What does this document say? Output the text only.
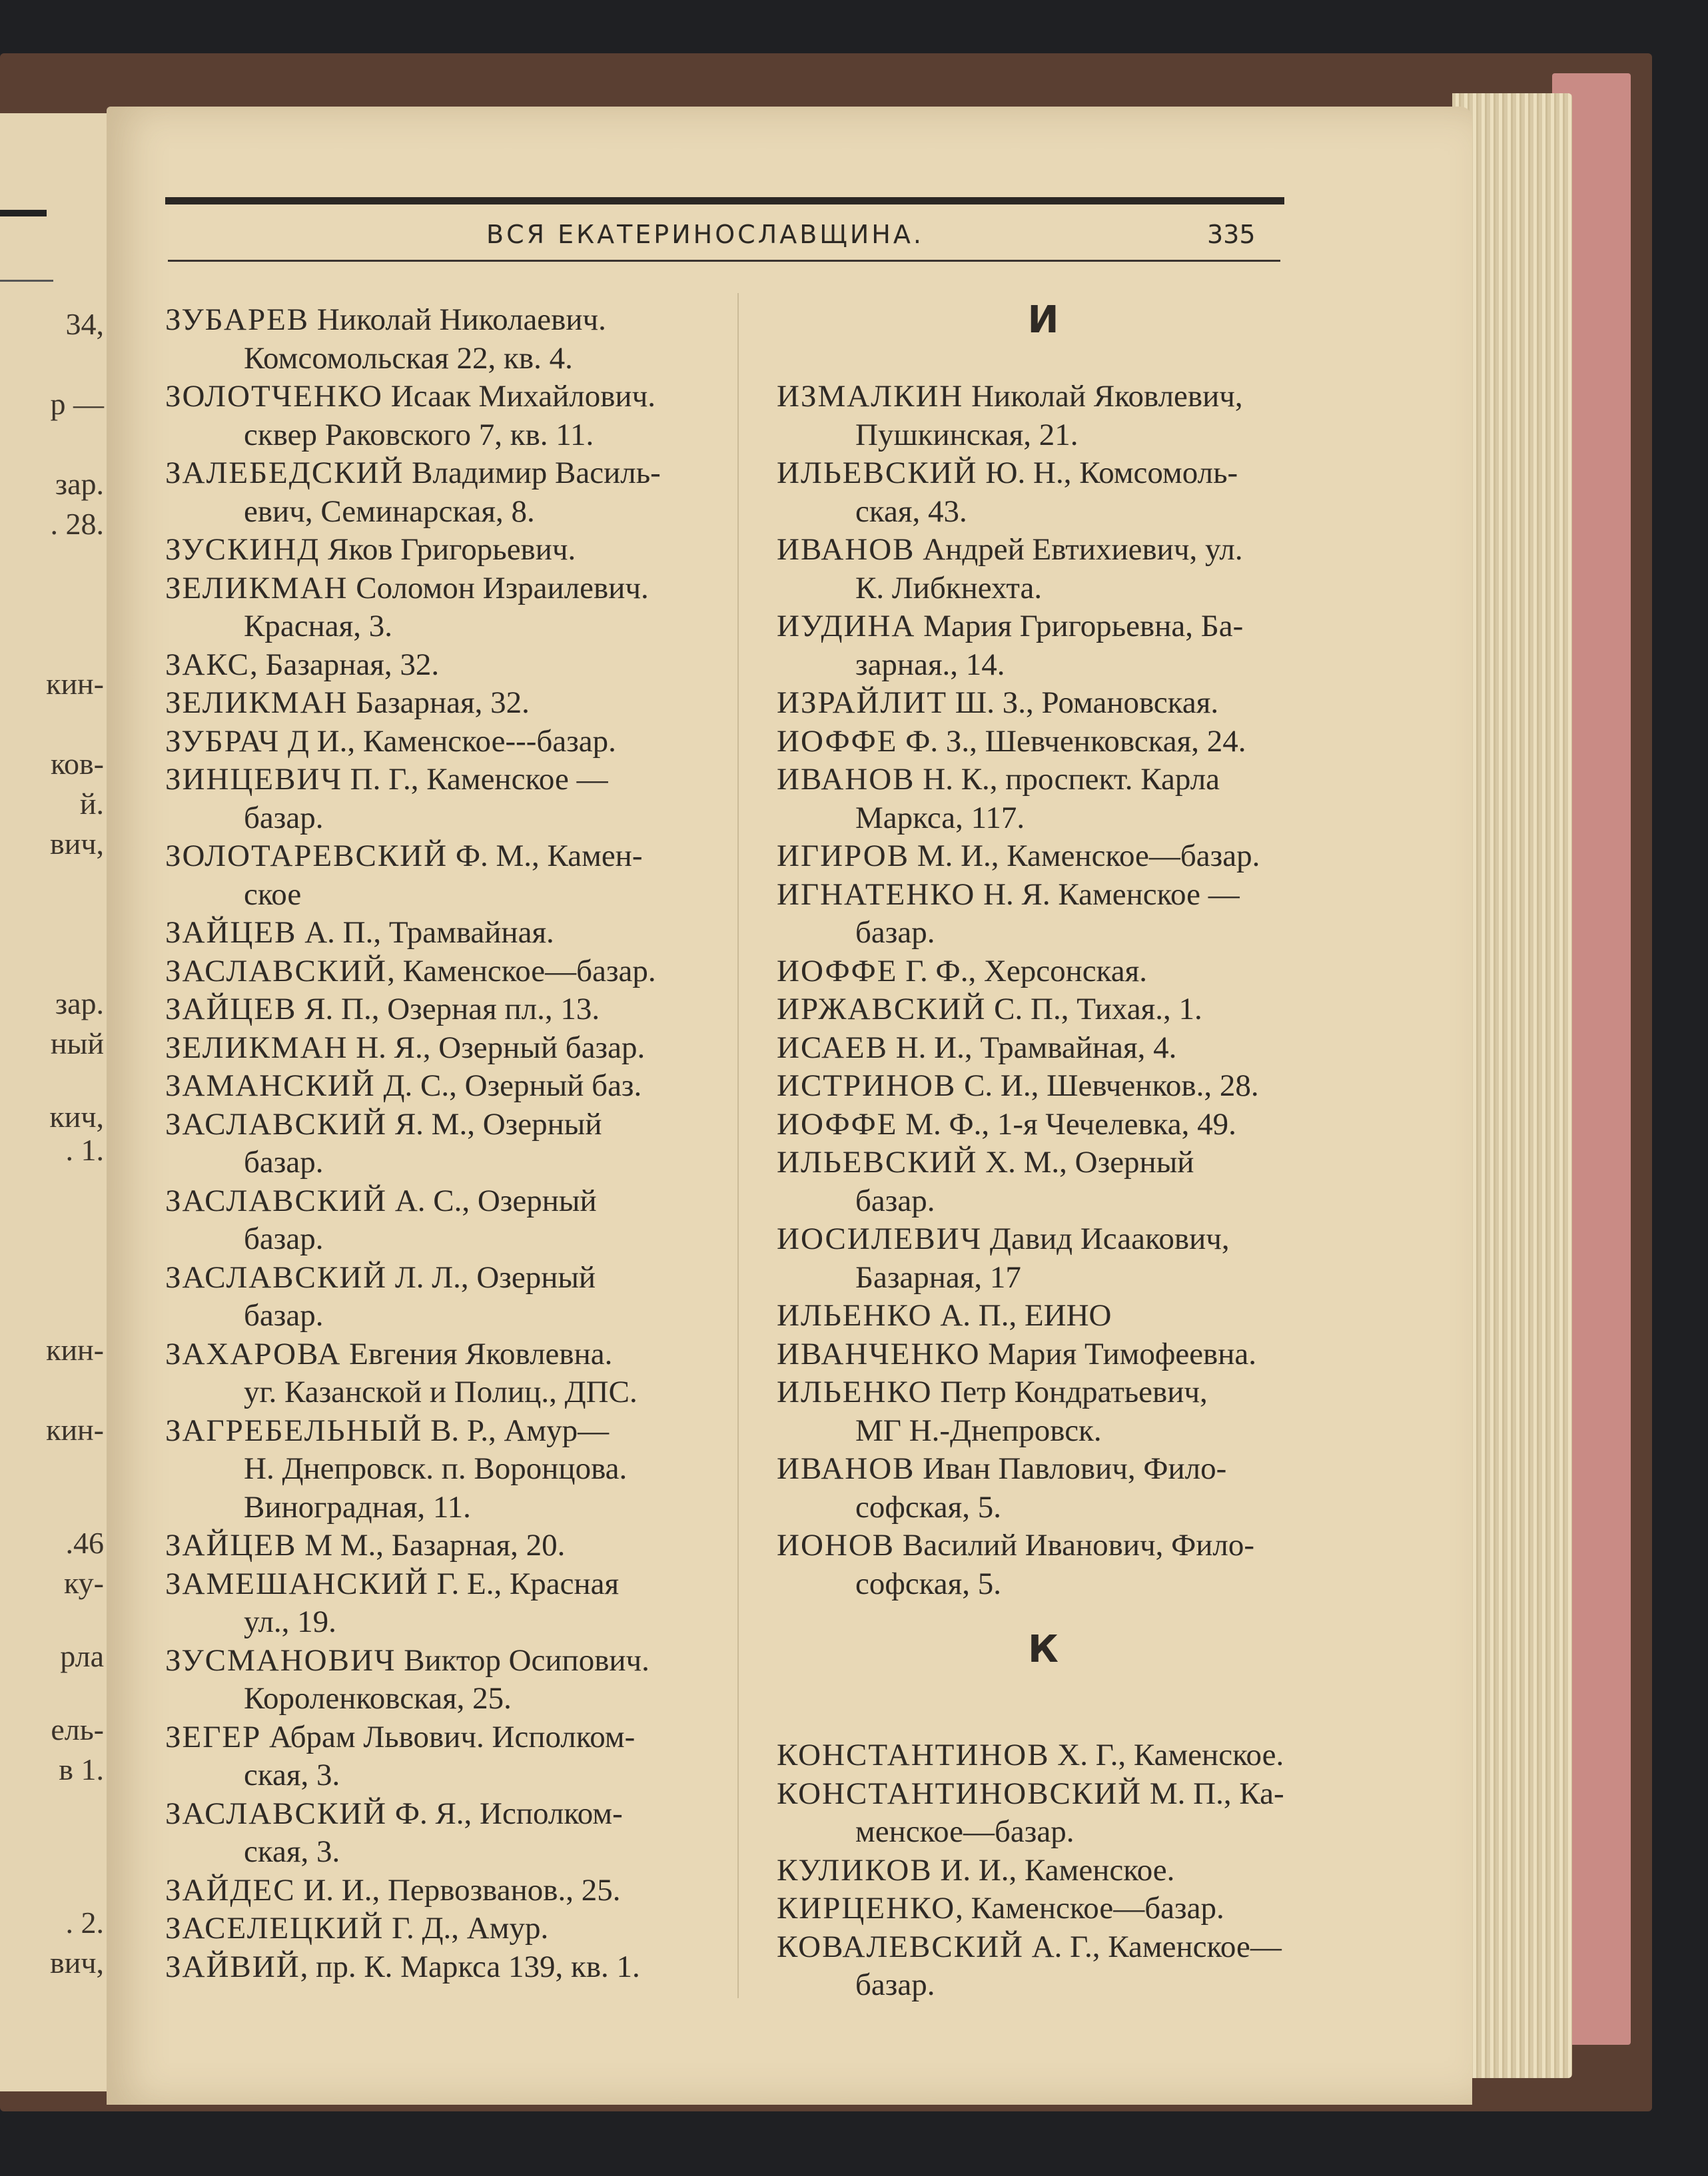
34,
р —
зар.
. 28.
кин-
ков-
й.
вич,
зар.
ный
кич,
. 1.
кин-
кин-
.46
ку-
рла
ель-
в 1.
. 2.
вич,
ВСЯ ЕКАТЕРИНОСЛАВЩИНА.	335
ЗУБАРЕВ Николай Николаевич.
Комсомольская 22, кв. 4.
ЗОЛОТЧЕНКО Исаак Михайлович.
сквер Раковского 7, кв. 11.
ЗАЛЕБЕДСКИЙ Владимир Василь-
евич, Семинарская, 8.
ЗУСКИНД Яков Григорьевич.
ЗЕЛИКМАН Соломон Израилевич.
Красная, 3.
ЗАКС, Базарная, 32.
ЗЕЛИКМАН Базарная, 32.
ЗУБРАЧ Д И., Каменское---базар.
ЗИНЦЕВИЧ П. Г., Каменское —
базар.
ЗОЛОТАРЕВСКИЙ Ф. М., Камен-
ское
ЗАЙЦЕВ А. П., Трамвайная.
ЗАСЛАВСКИЙ, Каменское—базар.
ЗАЙЦЕВ Я. П., Озерная пл., 13.
ЗЕЛИКМАН Н. Я., Озерный базар.
ЗАМАНСКИЙ Д. С., Озерный баз.
ЗАСЛАВСКИЙ Я. М., Озерный
базар.
ЗАСЛАВСКИЙ А. С., Озерный
базар.
ЗАСЛАВСКИЙ Л. Л., Озерный
базар.
ЗАХАРОВА Евгения Яковлевна.
уг. Казанской и Полиц., ДПС.
ЗАГРЕБЕЛЬНЫЙ В. Р., Амур—
Н. Днепровск. п. Воронцова.
Виноградная, 11.
ЗАЙЦЕВ М М., Базарная, 20.
ЗАМЕШАНСКИЙ Г. Е., Красная
ул., 19.
ЗУСМАНОВИЧ Виктор Осипович.
Короленковская, 25.
ЗЕГЕР Абрам Львович. Исполком-
ская, 3.
ЗАСЛАВСКИЙ Ф. Я., Исполком-
ская, 3.
ЗАЙДЕС И. И., Первозванов., 25.
ЗАСЕЛЕЦКИЙ Г. Д., Амур.
ЗАЙВИЙ, пр. К. Маркса 139, кв. 1.
И
ИЗМАЛКИН Николай Яковлевич,
Пушкинская, 21.
ИЛЬЕВСКИЙ Ю. Н., Комсомоль-
ская, 43.
ИВАНОВ Андрей Евтихиевич, ул.
К. Либкнехта.
ИУДИНА Мария Григорьевна, Ба-
зарная., 14.
ИЗРАЙЛИТ Ш. З., Романовская.
ИОФФЕ Ф. З., Шевченковская, 24.
ИВАНОВ Н. К., проспект. Карла
Маркса, 117.
ИГИРОВ М. И., Каменское—базар.
ИГНАТЕНКО Н. Я. Каменское —
базар.
ИОФФЕ Г. Ф., Херсонская.
ИРЖАВСКИЙ С. П., Тихая., 1.
ИСАЕВ Н. И., Трамвайная, 4.
ИСТРИНОВ С. И., Шевченков., 28.
ИОФФЕ М. Ф., 1-я Чечелевка, 49.
ИЛЬЕВСКИЙ Х. М., Озерный
базар.
ИОСИЛЕВИЧ Давид Исаакович,
Базарная, 17
ИЛЬЕНКО А. П., ЕИНО
ИВАНЧЕНКО Мария Тимофеевна.
ИЛЬЕНКО Петр Кондратьевич,
МГ Н.-Днепровск.
ИВАНОВ Иван Павлович, Фило-
софская, 5.
ИОНОВ Василий Иванович, Фило-
софская, 5.
К
КОНСТАНТИНОВ Х. Г., Каменское.
КОНСТАНТИНОВСКИЙ М. П., Ка-
менское—базар.
КУЛИКОВ И. И., Каменское.
КИРЦЕНКО, Каменское—базар.
КОВАЛЕВСКИЙ А. Г., Каменское—
базар.
